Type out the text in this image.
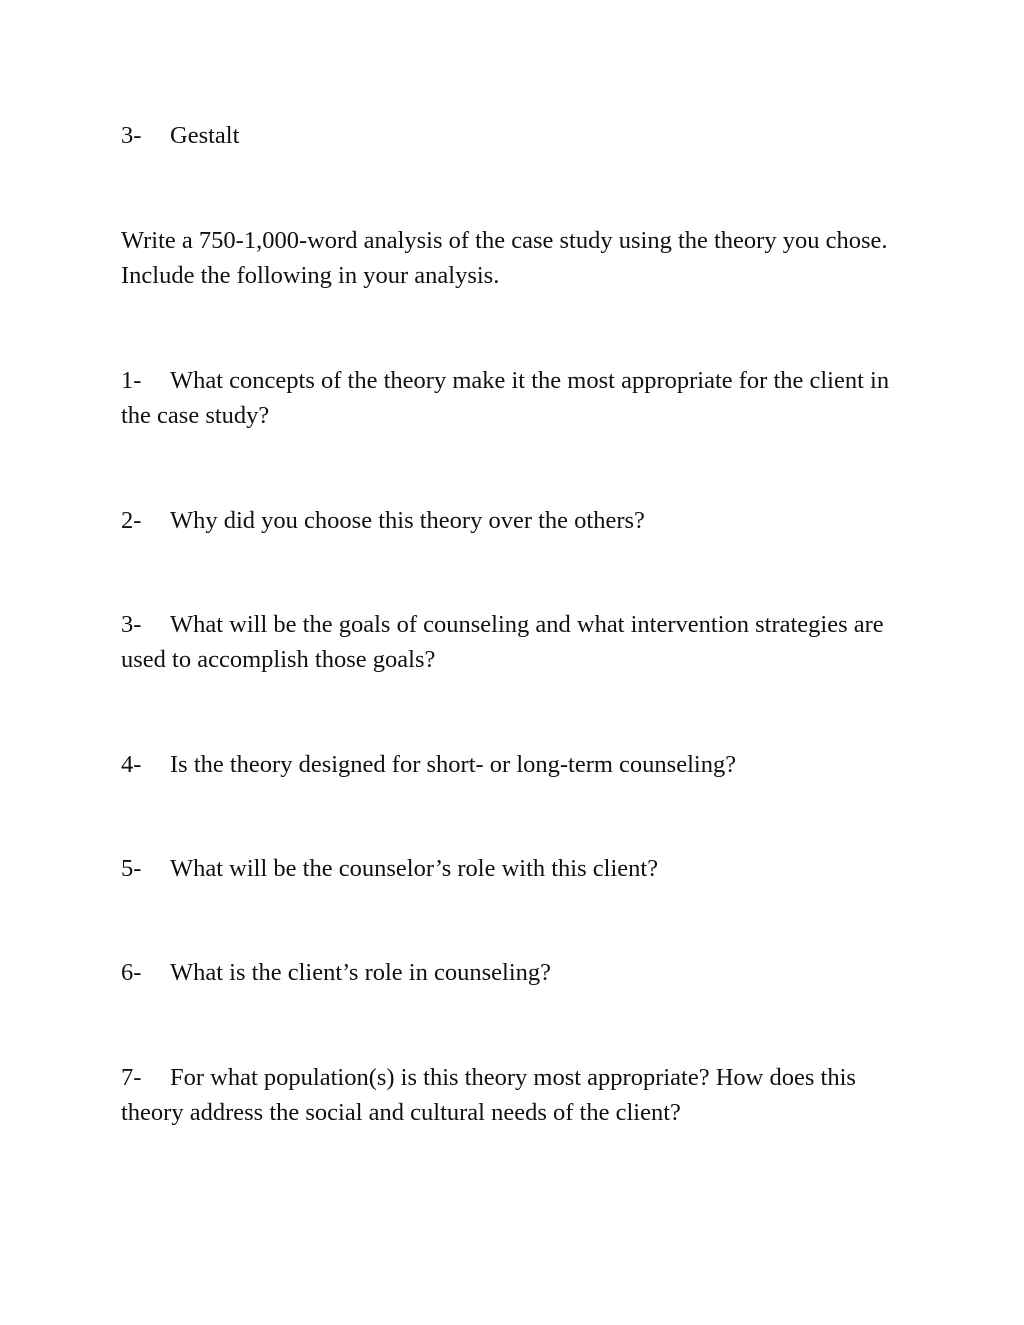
3- Gestalt

Write a 750-1,000-word analysis of the case study using the theory you chose. Include the following in your analysis.

1- What concepts of the theory make it the most appropriate for the client in the case study?

2- Why did you choose this theory over the others?

3- What will be the goals of counseling and what intervention strategies are used to accomplish those goals?

4- Is the theory designed for short- or long-term counseling?

5- What will be the counselor’s role with this client?

6- What is the client’s role in counseling?

7- For what population(s) is this theory most appropriate? How does this theory address the social and cultural needs of the client?
